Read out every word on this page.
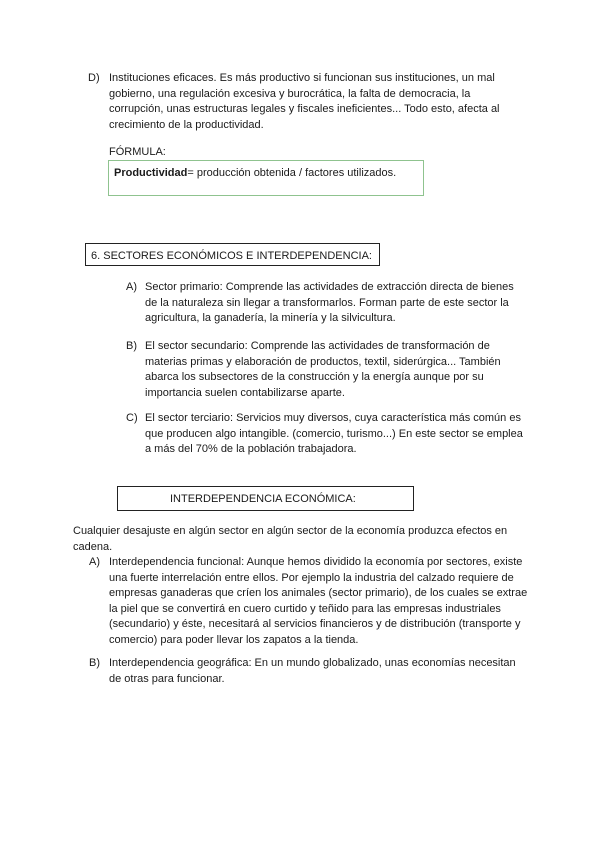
D) Instituciones eficaces. Es más productivo si funcionan sus instituciones, un mal gobierno, una regulación excesiva y burocrática, la falta de democracia, la corrupción, unas estructuras legales y fiscales ineficientes... Todo esto, afecta al crecimiento de la productividad.
FÓRMULA:
Productividad= producción obtenida / factores utilizados.
6. SECTORES ECONÓMICOS E INTERDEPENDENCIA:
A) Sector primario: Comprende las actividades de extracción directa de bienes de la naturaleza sin llegar a transformarlos. Forman parte de este sector la agricultura, la ganadería, la minería y la silvicultura.
B) El sector secundario: Comprende las actividades de transformación de materias primas y elaboración de productos, textil, siderúrgica... También abarca los subsectores de la construcción y la energía aunque por su importancia suelen contabilizarse aparte.
C) El sector terciario: Servicios muy diversos, cuya característica más común es que producen algo intangible. (comercio, turismo...) En este sector se emplea a más del 70% de la población trabajadora.
INTERDEPENDENCIA ECONÓMICA:
Cualquier desajuste en algún sector en algún sector de la economía produzca efectos en cadena.
A) Interdependencia funcional: Aunque hemos dividido la economía por sectores, existe una fuerte interrelación entre ellos. Por ejemplo la industria del calzado requiere de empresas ganaderas que críen los animales (sector primario), de los cuales se extrae la piel que se convertirá en cuero curtido y teñido para las empresas industriales (secundario) y éste, necesitará al servicios financieros y de distribución (transporte y comercio) para poder llevar los zapatos a la tienda.
B) Interdependencia geográfica: En un mundo globalizado, unas economías necesitan de otras para funcionar.
